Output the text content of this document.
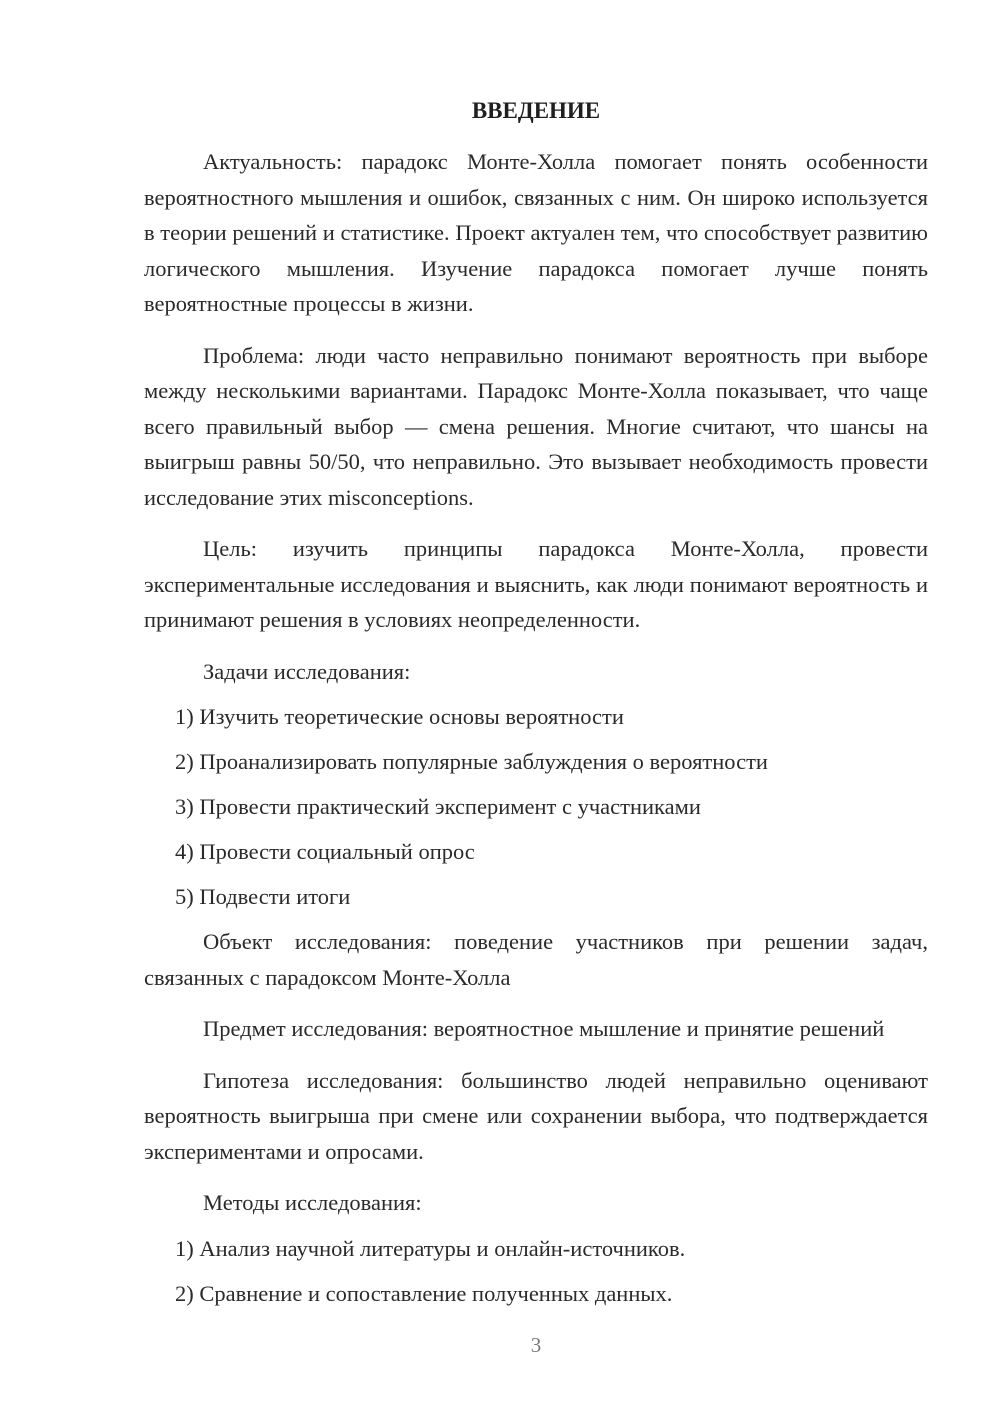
ВВЕДЕНИЕ

Актуальность: парадокс Монте-Холла помогает понять особенности вероятностного мышления и ошибок, связанных с ним. Он широко используется в теории решений и статистике. Проект актуален тем, что способствует развитию логического мышления. Изучение парадокса помогает лучше понять вероятностные процессы в жизни.

Проблема: люди часто неправильно понимают вероятность при выборе между несколькими вариантами. Парадокс Монте-Холла показывает, что чаще всего правильный выбор — смена решения. Многие считают, что шансы на выигрыш равны 50/50, что неправильно. Это вызывает необходимость провести исследование этих misconceptions.

Цель: изучить принципы парадокса Монте-Холла, провести экспериментальные исследования и выяснить, как люди понимают вероятность и принимают решения в условиях неопределенности.

Задачи исследования:

1) Изучить теоретические основы вероятности
2) Проанализировать популярные заблуждения о вероятности
3) Провести практический эксперимент с участниками
4) Провести социальный опрос
5) Подвести итоги

Объект исследования: поведение участников при решении задач, связанных с парадоксом Монте-Холла

Предмет исследования: вероятностное мышление и принятие решений

Гипотеза исследования: большинство людей неправильно оценивают вероятность выигрыша при смене или сохранении выбора, что подтверждается экспериментами и опросами.

Методы исследования:

1) Анализ научной литературы и онлайн-источников.
2) Сравнение и сопоставление полученных данных.
3
